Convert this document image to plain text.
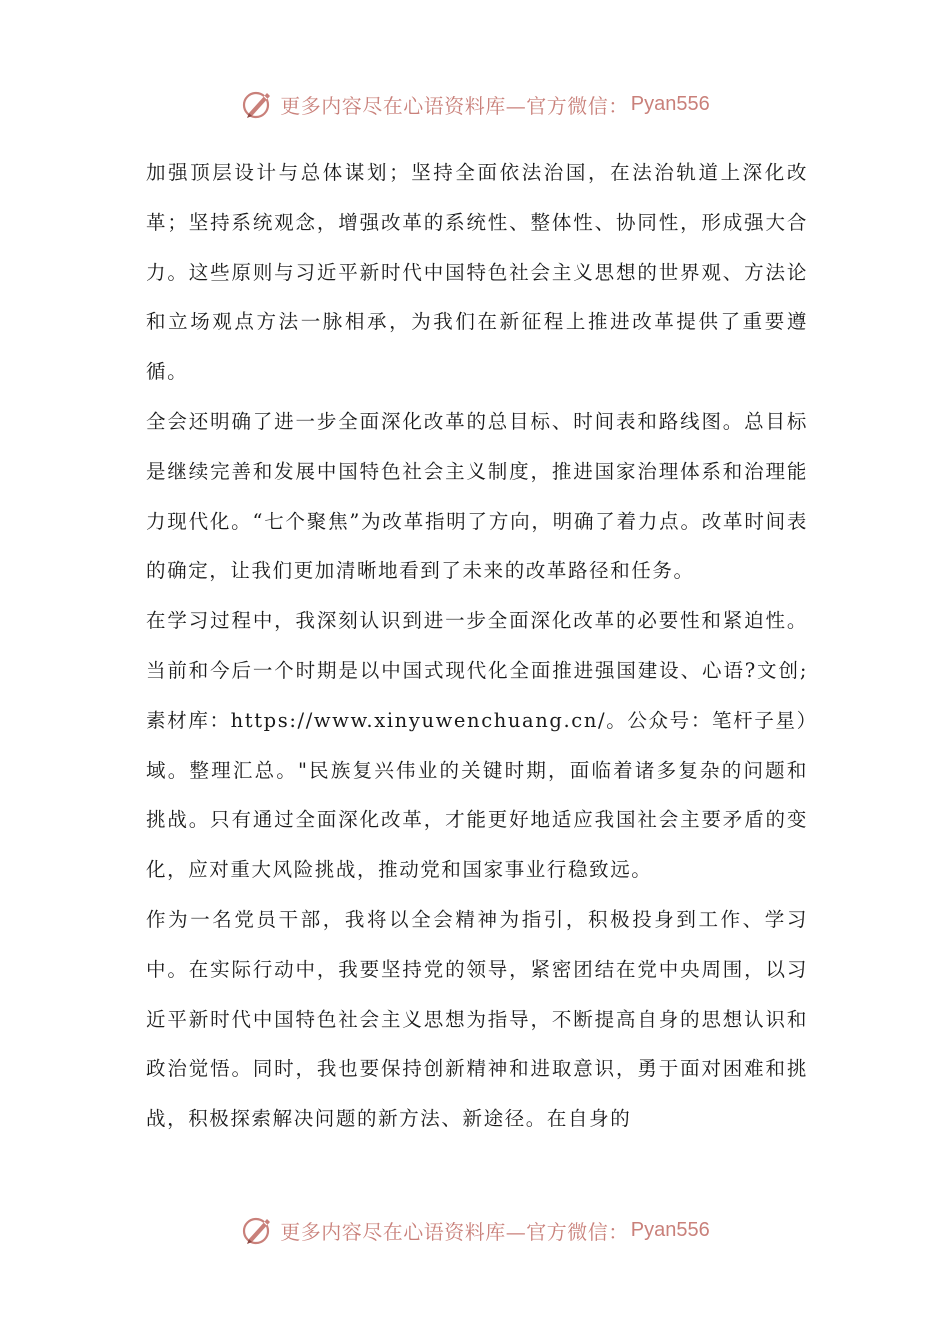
更多内容尽在心语资料库—官方微信： Pyan556

加强顶层设计与总体谋划；坚持全面依法治国，在法治轨道上深化改革；坚持系统观念，增强改革的系统性、整体性、协同性，形成强大合力。这些原则与习近平新时代中国特色社会主义思想的世界观、方法论和立场观点方法一脉相承，为我们在新征程上推进改革提供了重要遵循。

全会还明确了进一步全面深化改革的总目标、时间表和路线图。总目标是继续完善和发展中国特色社会主义制度，推进国家治理体系和治理能力现代化。“七个聚焦”为改革指明了方向，明确了着力点。改革时间表的确定，让我们更加清晰地看到了未来的改革路径和任务。

在学习过程中，我深刻认识到进一步全面深化改革的必要性和紧迫性。当前和今后一个时期是以中国式现代化全面推进强国建设、心语?文创;素材库：https://www.xinyuwenchuang.cn/。公众号：笔杆子星）域。整理汇总。"民族复兴伟业的关键时期，面临着诸多复杂的问题和挑战。只有通过全面深化改革，才能更好地适应我国社会主要矛盾的变化，应对重大风险挑战，推动党和国家事业行稳致远。

作为一名党员干部，我将以全会精神为指引，积极投身到工作、学习中。在实际行动中，我要坚持党的领导，紧密团结在党中央周围，以习近平新时代中国特色社会主义思想为指导，不断提高自身的思想认识和政治觉悟。同时，我也要保持创新精神和进取意识，勇于面对困难和挑战，积极探索解决问题的新方法、新途径。在自身的

更多内容尽在心语资料库—官方微信： Pyan556
